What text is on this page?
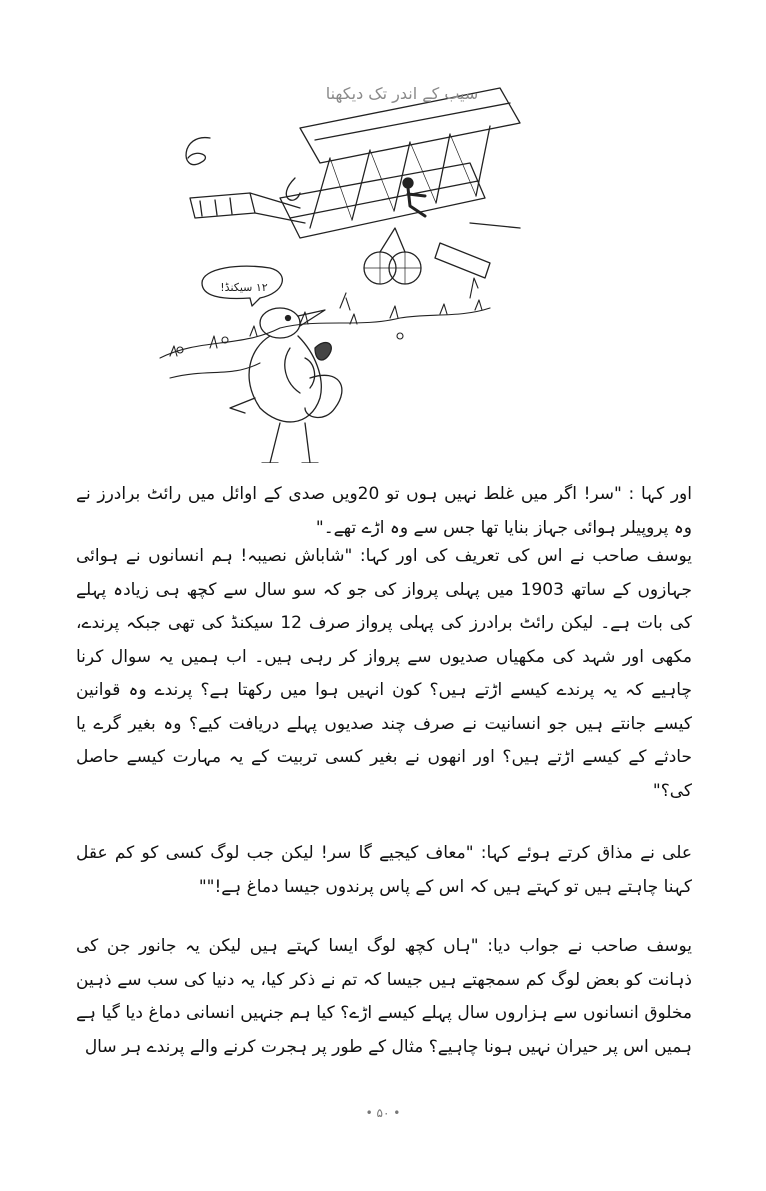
سیب کے اندر تک دیکھنا
۱۲ سیکنڈ!

اور کہا : "سر! اگر میں غلط نہیں ہوں تو 20ویں صدی کے اوائل میں رائٹ برادرز نے وہ پروپیلر ہوائی جہاز بنایا تھا جس سے وہ اڑے تھے۔"

یوسف صاحب نے اس کی تعریف کی اور کہا: "شاباش نصیبہ! ہم انسانوں نے ہوائی جہازوں کے ساتھ 1903 میں پہلی پرواز کی جو کہ سو سال سے کچھ ہی زیادہ پہلے کی بات ہے۔ لیکن رائٹ برادرز کی پہلی پرواز صرف 12 سیکنڈ کی تھی جبکہ پرندے، مکھی اور شہد کی مکھیاں صدیوں سے پرواز کر رہی ہیں۔ اب ہمیں یہ سوال کرنا چاہیے کہ یہ پرندے کیسے اڑتے ہیں؟ کون انہیں ہوا میں رکھتا ہے؟ پرندے وہ قوانین کیسے جانتے ہیں جو انسانیت نے صرف چند صدیوں پہلے دریافت کیے؟ وہ بغیر گرے یا حادثے کے کیسے اڑتے ہیں؟ اور انھوں نے بغیر کسی تربیت کے یہ مہارت کیسے حاصل کی؟"

علی نے مذاق کرتے ہوئے کہا: "معاف کیجیے گا سر! لیکن جب لوگ کسی کو کم عقل کہنا چاہتے ہیں تو کہتے ہیں کہ اس کے پاس پرندوں جیسا دماغ ہے!""

یوسف صاحب نے جواب دیا: "ہاں کچھ لوگ ایسا کہتے ہیں لیکن یہ جانور جن کی ذہانت کو بعض لوگ کم سمجھتے ہیں جیسا کہ تم نے ذکر کیا، یہ دنیا کی سب سے ذہین مخلوق انسانوں سے ہزاروں سال پہلے کیسے اڑے؟ کیا ہم جنہیں انسانی دماغ دیا گیا ہے ہمیں اس پر حیران نہیں ہونا چاہیے؟ مثال کے طور پر ہجرت کرنے والے پرندے ہر سال

• ۵۰ •
